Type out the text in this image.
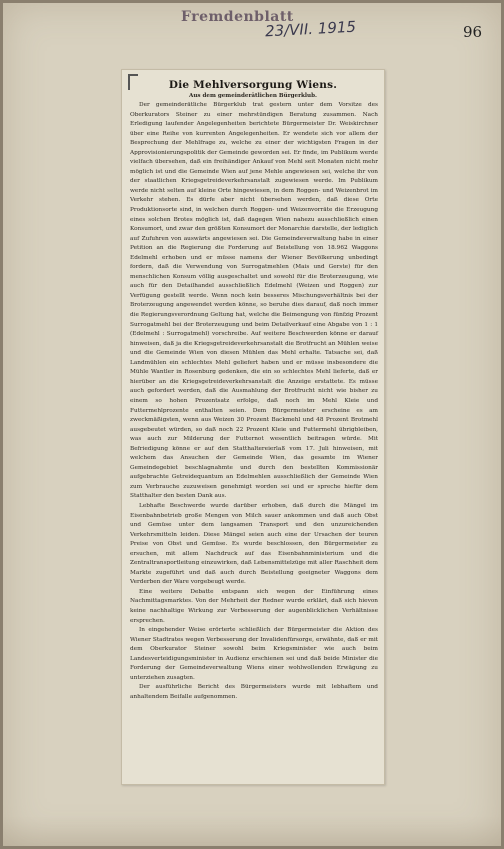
Fremdenblatt
23/VII. 1915	96
Die Mehlversorgung Wiens.
Aus dem gemeinderätlichen Bürgerklub.

Der gemeinderätliche Bürgerklub trat gestern unter dem Vorsitze des Oberkurators Steiner zu einer mehrstündigen Beratung zusammen. Nach Erledigung laufender Angelegenheiten berichtete Bürgermeister Dr. Weiskirchner über eine Reihe von kurrenten Angelegenheiten. Er wendete sich vor allem der Besprechung der Mehlfrage zu, welche zu einer der wichtigsten Fragen in der Approvisionierungspolitik der Gemeinde geworden sei. Er finde, im Publikum werde vielfach übersehen, daß ein freihändiger Ankauf von Mehl seit Monaten nicht mehr möglich ist und die Gemeinde Wien auf jene Mehle angewiesen sei, welche ihr von der staatlichen Kriegsgetreideverkehrsanstalt zugewiesen werde. Im Publikum werde nicht selten auf kleine Orte hingewiesen, in dem Roggen- und Weizenbrot im Verkehr stehen. Es dürfe aber nicht übersehen werden, daß diese Orte Produktionsorte sind, in welchen durch Roggen- und Weizenvorräte die Erzeugung eines solchen Brotes möglich ist, daß dagegen Wien nahezu ausschließlich einen Konsumort, und zwar den größten Konsumort der Monarchie darstelle, der lediglich auf Zufuhren von auswärts angewiesen sei. Die Gemeindeverwaltung habe in einer Petition an die Regierung die Forderung auf Beistellung von 18.962 Waggons Edelmehl erhoben und er müsse namens der Wiener Bevölkerung unbedingt fordern, daß die Verwendung von Surrogatmehlen (Mais und Gerste) für den menschlichen Konsum völlig ausgeschaltet und sowohl für die Broterzeugung, wie auch für den Detailhandel ausschließlich Edelmehl (Weizen und Roggen) zur Verfügung gestellt werde. Wenn noch kein besseres Mischungsverhältnis bei der Broterzeugung angewendet werden könne, so beruhe dies darauf, daß noch immer die Regierungsverordnung Geltung hat, welche die Beimengung von fünfzig Prozent Surrogatmehl bei der Broterzeugung und beim Detailverkauf eine Abgabe von 1 : 1 (Edelmehl : Surrogatmehl) vorschreibe. Auf weitere Beschwerden könne er darauf hinweisen, daß ja die Kriegsgetreideverkehrsanstalt die Brotfrucht an Mühlen weise und die Gemeinde Wien von diesen Mühlen das Mehl erhalte. Tatsache sei, daß Landmühlen ein schlechtes Mehl geliefert haben und er müsse insbesondere die Mühle Wantler in Rosenburg gedenken, die ein so schlechtes Mehl lieferte, daß er hierüber an die Kriegsgetreideverkehrsanstalt die Anzeige erstattete. Es müsse auch gefordert werden, daß die Ausmahlung der Brotfrucht nicht wie bisher zu einem so hohen Prozentsatz erfolge, daß noch im Mehl Kleie und Futtermehlprozente enthalten seien. Dem Bürgermeister erscheine es am zweckmäßigsten, wenn aus Weizen 30 Prozent Backmehl und 48 Prozent Brotmehl ausgebeutet würden, so daß noch 22 Prozent Kleie und Futtermehl übrigbleiben, was auch zur Milderung der Futternot wesentlich beitragen würde. Mit Befriedigung könne er auf den Statthaltereierlaß vom 17. Juli hinweisen, mit welchem das Ansuchen der Gemeinde Wien, das gesamte im Wiener Gemeindegebiet beschlagnahmte und durch den bestellten Kommissionär aufgebrachte Getreidequantum an Edelmehlen ausschließlich der Gemeinde Wien zum Verbrauche zuzuweisen genehmigt worden sei und er spreche hiefür dem Statthalter den besten Dank aus.

Lebhafte Beschwerde wurde darüber erhoben, daß durch die Mängel im Eisenbahnbetrieb große Mengen von Milch sauer ankommen und daß auch Obst und Gemüse unter dem langsamen Transport und den unzureichenden Verkehrsmitteln leiden. Diese Mängel seien auch eine der Ursachen der teuren Preise von Obst und Gemüse. Es wurde beschlossen, den Bürgermeister zu ersuchen, mit allem Nachdruck auf das Eisenbahnministerium und die Zentraltransportleitung einzuwirken, daß Lebensmittelzüge mit aller Raschheit dem Markte zugeführt und daß auch durch Beistellung geeigneter Waggons dem Verderben der Ware vorgebeugt werde.

Eine weitere Debatte entspann sich wegen der Einführung eines Nachmittagsmarktes. Von der Mehrheit der Redner wurde erklärt, daß sich hievon keine nachhaltige Wirkung zur Verbesserung der augenblicklichen Verhältnisse ersprechen.

In eingehender Weise erörterte schließlich der Bürgermeister die Aktion des Wiener Stadtrates wegen Verbesserung der Invalidenfürsorge, erwähnte, daß er mit dem Oberkurator Steiner sowohl beim Kriegsminister wie auch beim Landesverteidigungsminister in Audienz erschienen sei und daß beide Minister die Forderung der Gemeindeverwaltung Wiens einer wohlwollenden Erwägung zu unterziehen zusagten.

Der ausführliche Bericht des Bürgermeisters wurde mit lebhaftem und anhaltendem Beifalle aufgenommen.
